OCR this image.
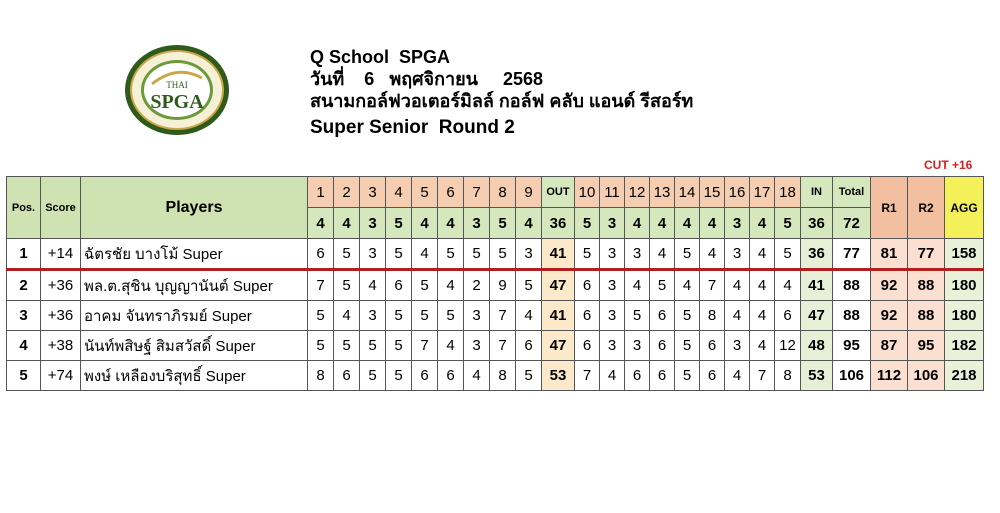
THAI
SPGA
Q School  SPGA
วันที่ 6 พฤศจิกายน 2568
สนามกอล์ฟวอเตอร์มิลล์ กอล์ฟ คลับ แอนด์ รีสอร์ท
Super Senior  Round 2
CUT +16
Pos.	Score	Players	1	2	3	4	5	6	7	8	9	OUT	10	11	12	13	14	15	16	17	18	IN	Total	R1	R2	AGG
			4	4	3	5	4	4	3	5	4	36	5	3	4	4	4	4	3	4	5	36	72			
1	+14	ฉัตรชัย บางโม้ Super	6	5	3	5	4	5	5	5	3	41	5	3	3	4	5	4	3	4	5	36	77	81	77	158
2	+36	พล.ต.สุชิน บุญญานันต์ Super	7	5	4	6	5	4	2	9	5	47	6	3	4	5	4	7	4	4	4	41	88	92	88	180
3	+36	อาคม จันทราภิรมย์ Super	5	4	3	5	5	5	3	7	4	41	6	3	5	6	5	8	4	4	6	47	88	92	88	180
4	+38	นันท์พสิษฐ์ สิมสวัสดิ์ Super	5	5	5	5	7	4	3	7	6	47	6	3	3	6	5	6	3	4	12	48	95	87	95	182
5	+74	พงษ์ เหลืองบริสุทธิ์ Super	8	6	5	5	6	6	4	8	5	53	7	4	6	6	5	6	4	7	8	53	106	112	106	218
